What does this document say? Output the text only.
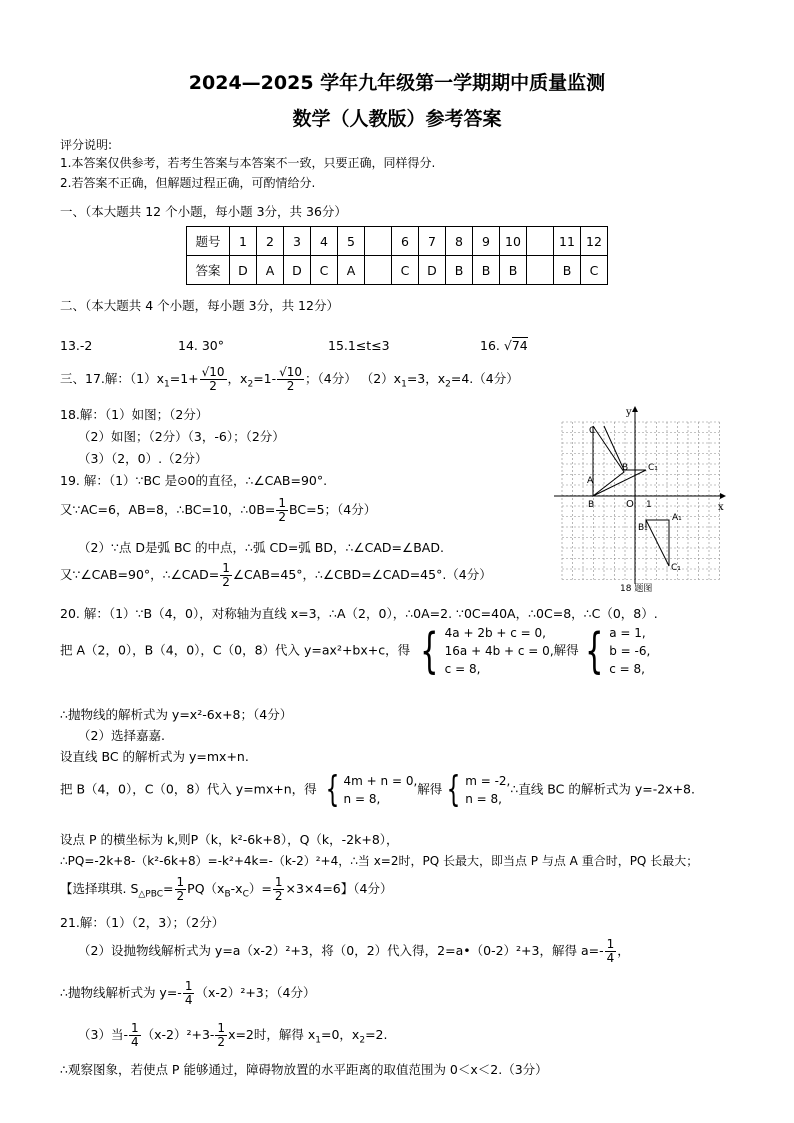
2024—2025 学年九年级第一学期期中质量监测
数学（人教版）参考答案
评分说明:
1.本答案仅供参考，若考生答案与本答案不一致，只要正确，同样得分.
2.若答案不正确，但解题过程正确，可酌情给分.
一、（本大题共 12 个小题，每小题 3分，共 36分）
题号	1	2	3	4	5		6	7	8	9	10		11	12
答案	D	A	D	C	A		C	D	B	B	B		B	C
二、（本大题共 4 个小题，每小题 3分，共 12分）
13.-2	14. 30°	15.1≤t≤3	16. √74
三、17.解：$(1)x_1=1+ \frac{√10}{2}$ ，$x_2=1- \frac{√10}{2}$ ；（4分） $(2)x_1=3$，$x_2=4.(4$分）
18.解：（1）如图；（2分）
（2）如图；（2分）（3，-6）；（2分）
（3）（2，0）.（2分）
19. 解：（1）∵BC 是⊙0的直径，∴∠CAB=90°.
又∵AC=6，AB=8，∴BC=10，∴0B= $\frac{1}{2} BC=5$；（4分）
（2）∵点 D是弧 BC 的中点，∴弧 CD=弧 BD，∴∠CAD=∠BAD.
又∵∠CAB=90°，∴∠CAD= $\frac{1}{2}$ ∠CAB=45°，∴∠CBD=∠CAD=45°.（4分）
x
y
O 1
C
B C₁
A
B
A₁
B₁
C₁
18 题图
20. 解：（1）∵B（4，0），对称轴为直线 x=3，∴A（2，0），∴0A=2. ∵0C=40A，∴0C=8，∴C（0，8）.
把 A（2，0），B（4，0），C（0，8）代入 y=ax²+bx+c，得 { 4a + 2b + c = 0,
16a + 4b + c = 0,
c = 8,
解得 { a = 1,
b = -6,
c = 8,
∴抛物线的解析式为 y=x²-6x+8；（4分）
（2）选择嘉嘉.
设直线 BC 的解析式为 y=mx+n.
把 B（4，0），C（0，8）代入 y=mx+n，得 { 4m + n = 0,
n = 8,
解得 { m = -2,
n = 8,
∴直线 BC 的解析式为 y=-2x+8.
设点 P 的横坐标为 k,则P（k，k²-6k+8），Q（k，-2k+8），
∴PQ=-2k+8-（k²-6k+8）=-k²+4k=-（k-2）²+4，∴当 x=2时，PQ 长最大，即当点 P 与点 A 重合时，PQ 长最大；
【选择琪琪. $S_{\triangle PBC}= \frac{1}{2} PQ(x_B-x_C)= \frac{1}{2} \times 3\times 4=6$】（4分）
21.解：（1）（2，3）；（2分）
（2）设抛物线解析式为 y=a（x-2）²+3，将（0，2）代入得，2=a•（0-2）²+3，解得 $a=- \frac{1}{4}$ ，
∴抛物线解析式为 $y=- \frac{1}{4} (x-2)^2+3$；（4分）
（3）当- $\frac{1}{4} (x-2)^2+3- \frac{1}{2} x=2$时，解得 $x_1=0$，$x_2=2$.
∴观察图象，若使点 P 能够通过，障碍物放置的水平距离的取值范围为 0＜x＜2.（3分）
